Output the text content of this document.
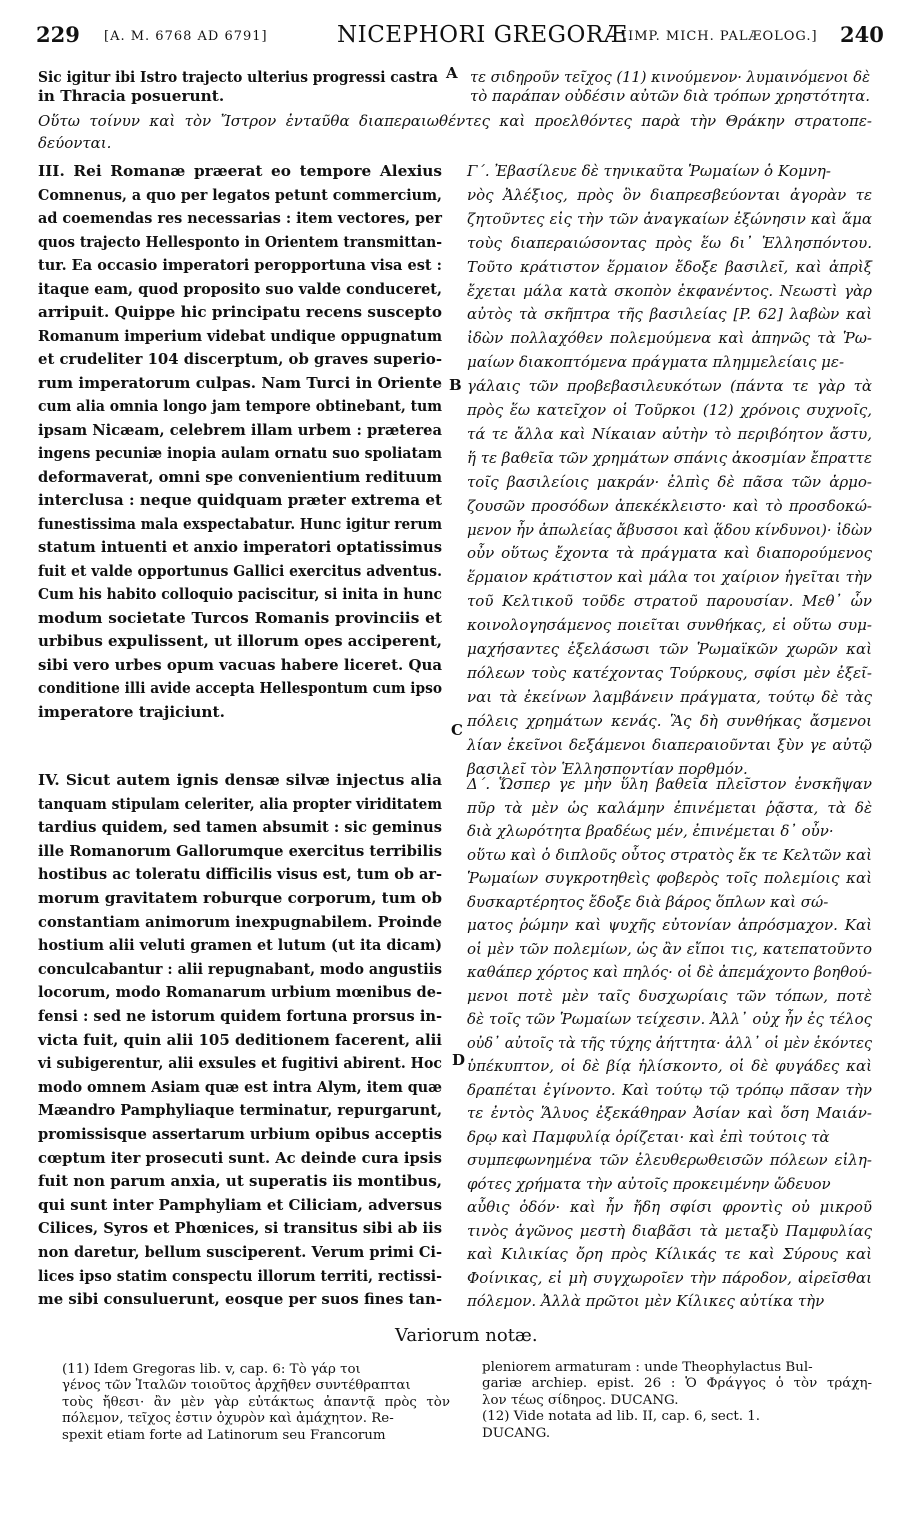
229 [A. M. 6768 AD 6791]	NICEPHORI GREGORÆ
[IMP. MICH. PALÆOLOG.] 240
Sic igitur ibi Istro trajecto ulterius progressi castra
in Thracia posuerunt.
τε σιδηροῦν τεῖχος (11) κινούμενον· λυμαινόμενοι δὲ
τὸ παράπαν οὐδέσιν αὐτῶν διὰ τρόπων χρηστότητα.
Οὕτω τοίνυν καὶ τὸν Ἴστρον ἐνταῦθα διαπεραιωθέντες καὶ προελθόντες παρὰ τὴν Θράκην στρατοπε-
δεύονται.
III. Rei Romanæ præerat eo tempore Alexius
Comnenus, a quo per legatos petunt commercium,
ad coemendas res necessarias : item vectores, per
quos trajecto Hellesponto in Orientem transmittan-
tur. Ea occasio imperatori peropportuna visa est :
itaque eam, quod proposito suo valde conduceret,
arripuit. Quippe hic principatu recens suscepto
Romanum imperium videbat undique oppugnatum
et crudeliter 104 discerptum, ob graves superio-
rum imperatorum culpas. Nam Turci in Oriente
cum alia omnia longo jam tempore obtinebant, tum
ipsam Nicæam, celebrem illam urbem : præterea
ingens pecuniæ inopia aulam ornatu suo spoliatam
deformaverat, omni spe convenientium redituum
interclusa : neque quidquam præter extrema et
funestissima mala exspectabatur. Hunc igitur rerum
statum intuenti et anxio imperatori optatissimus
fuit et valde opportunus Gallici exercitus adventus.
Cum his habito colloquio paciscitur, si inita in hunc
modum societate Turcos Romanis provinciis et
urbibus expulissent, ut illorum opes acciperent,
sibi vero urbes opum vacuas habere liceret. Qua
conditione illi avide accepta Hellespontum cum ipso
imperatore trajiciunt.
Γ΄. Ἐβασίλευε δὲ τηνικαῦτα Ῥωμαίων ὁ Κομνη-
νὸς Ἀλέξιος, πρὸς ὃν διαπρεσβεύονται ἀγορὰν τε
ζητοῦντες εἰς τὴν τῶν ἀναγκαίων ἐξώνησιν καὶ ἅμα
τοὺς διαπεραιώσοντας πρὸς ἕω δι᾿ Ἑλλησπόντου.
Τοῦτο κράτιστον ἕρμαιον ἔδοξε βασιλεῖ, καὶ ἁπρὶξ
ἔχεται μάλα κατὰ σκοπὸν ἐκφανέντος. Νεωστὶ γὰρ
αὐτὸς τὰ σκῆπτρα τῆς βασιλείας [P. 62] λαβὼν καὶ
ἰδὼν πολλαχόθεν πολεμούμενα καὶ ἀπηνῶς τὰ Ῥω-
μαίων διακοπτόμενα πράγματα πλημμελείαις με-
γάλαις τῶν προβεβασιλευκότων (πάντα τε γὰρ τὰ
πρὸς ἕω κατεῖχον οἱ Τοῦρκοι (12) χρόνοις συχνοῖς,
τά τε ἄλλα καὶ Νίκαιαν αὐτὴν τὸ περιβόητον ἄστυ,
ἥ τε βαθεῖα τῶν χρημάτων σπάνις ἀκοσμίαν ἔπραττε
τοῖς βασιλείοις μακράν· ἐλπὶς δὲ πᾶσα τῶν ἁρμο-
ζουσῶν προσόδων ἀπεκέκλειστο· καὶ τὸ προσδοκώ-
μενον ἦν ἀπωλείας ἄβυσσοι καὶ ᾅδου κίνδυνοι)· ἰδὼν
οὖν οὕτως ἔχοντα τὰ πράγματα καὶ διαπορούμενος
ἕρμαιον κράτιστον καὶ μάλα τοι χαίριον ἡγεῖται τὴν
τοῦ Κελτικοῦ τοῦδε στρατοῦ παρουσίαν. Μεθ᾿ ὧν
κοινολογησάμενος ποιεῖται συνθήκας, εἰ οὕτω συμ-
μαχήσαντες ἐξελάσωσι τῶν Ῥωμαϊκῶν χωρῶν καὶ
πόλεων τοὺς κατέχοντας Τούρκους, σφίσι μὲν ἐξεῖ-
ναι τὰ ἐκείνων λαμβάνειν πράγματα, τούτῳ δὲ τὰς
πόλεις χρημάτων κενάς. Ἃς δὴ συνθήκας ἄσμενοι
λίαν ἐκεῖνοι δεξάμενοι διαπεραιοῦνται ξὺν γε αὐτῷ
βασιλεῖ τὸν Ἑλλησποντίαν πορθμόν.
IV. Sicut autem ignis densæ silvæ injectus alia
tanquam stipulam celeriter, alia propter viriditatem
tardius quidem, sed tamen absumit : sic geminus
ille Romanorum Gallorumque exercitus terribilis
hostibus ac toleratu difficilis visus est, tum ob ar-
morum gravitatem roburque corporum, tum ob
constantiam animorum inexpugnabilem. Proinde
hostium alii veluti gramen et lutum (ut ita dicam)
conculcabantur : alii repugnabant, modo angustiis
locorum, modo Romanarum urbium mœnibus de-
fensi : sed ne istorum quidem fortuna prorsus in-
victa fuit, quin alii 105 deditionem facerent, alii
vi subigerentur, alii exsules et fugitivi abirent. Hoc
modo omnem Asiam quæ est intra Alym, item quæ
Mæandro Pamphyliaque terminatur, repurgarunt,
promissisque assertarum urbium opibus acceptis
cœptum iter prosecuti sunt. Ac deinde cura ipsis
fuit non parum anxia, ut superatis iis montibus,
qui sunt inter Pamphyliam et Ciliciam, adversus
Cilices, Syros et Phœnices, si transitus sibi ab iis
non daretur, bellum susciperent. Verum primi Ci-
lices ipso statim conspectu illorum territi, rectissi-
me sibi consuluerunt, eosque per suos fines tan-
Δ΄. Ὥσπερ γε μὴν ὕλη βαθεῖα πλεῖστον ἐνσκῆψαν
πῦρ τὰ μὲν ὡς καλάμην ἐπινέμεται ῥᾷστα, τὰ δὲ
διὰ χλωρότητα βραδέως μέν, ἐπινέμεται δ᾿ οὖν·
οὕτω καὶ ὁ διπλοῦς οὗτος στρατὸς ἔκ τε Κελτῶν καὶ
Ῥωμαίων συγκροτηθεὶς φοβερὸς τοῖς πολεμίοις καὶ
δυσκαρτέρητος ἔδοξε διὰ βάρος ὅπλων καὶ σώ-
ματος ῥώμην καὶ ψυχῆς εὐτονίαν ἀπρόσμαχον. Καὶ
οἱ μὲν τῶν πολεμίων, ὡς ἂν εἴποι τις, κατεπατοῦντο
καθάπερ χόρτος καὶ πηλός· οἱ δὲ ἀπεμάχοντο βοηθού-
μενοι ποτὲ μὲν ταῖς δυσχωρίαις τῶν τόπων, ποτὲ
δὲ τοῖς τῶν Ῥωμαίων τείχεσιν. Ἀλλ᾿ οὐχ ἦν ἐς τέλος
οὐδ᾿ αὐτοῖς τὰ τῆς τύχης ἀήττητα· ἀλλ᾿ οἱ μὲν ἑκόντες
ὑπέκυπτον, οἱ δὲ βίᾳ ἡλίσκοντο, οἱ δὲ φυγάδες καὶ
δραπέται ἐγίνοντο. Καὶ τούτῳ τῷ τρόπῳ πᾶσαν τὴν
τε ἐντὸς Ἅλυος ἐξεκάθηραν Ἀσίαν καὶ ὅση Μαιάν-
δρῳ καὶ Παμφυλίᾳ ὁρίζεται· καὶ ἐπὶ τούτοις τὰ
συμπεφωνημένα τῶν ἐλευθερωθεισῶν πόλεων εἰλη-
φότες χρήματα τὴν αὐτοῖς προκειμένην ὥδευον
αὖθις ὁδόν· καὶ ἦν ἤδη σφίσι φροντὶς οὐ μικροῦ
τινὸς ἀγῶνος μεστὴ διαβᾶσι τὰ μεταξὺ Παμφυλίας
καὶ Κιλικίας ὄρη πρὸς Κίλικάς τε καὶ Σύρους καὶ
Φοίνικας, εἰ μὴ συγχωροῖεν τὴν πάροδον, αἱρεῖσθαι
πόλεμον. Ἀλλὰ πρῶτοι μὲν Κίλικες αὐτίκα τὴν
(11) Idem Gregoras lib. v, cap. 6: Τὸ γάρ τοι
γένος τῶν Ἰταλῶν τοιοῦτος ἀρχῆθεν συντέθραπται
τοὺς ἤθεσι· ἂν μὲν γὰρ εὐτάκτως ἀπαντᾷ πρὸς τὸν
πόλεμον, τεῖχος ἐστιν ὀχυρὸν καὶ ἀμάχητον. Re-
spexit etiam forte ad Latinorum seu Francorum
pleniorem armaturam : unde Theophylactus Bul-
gariæ archiep. epist. 26 : Ὁ Φράγγος ὁ τὸν τράχη-
λον τέως σίδηρος. DUCANG.
(12) Vide notata ad lib. II, cap. 6, sect. 1.
DUCANG.
A
B
C
D
Variorum notæ.
